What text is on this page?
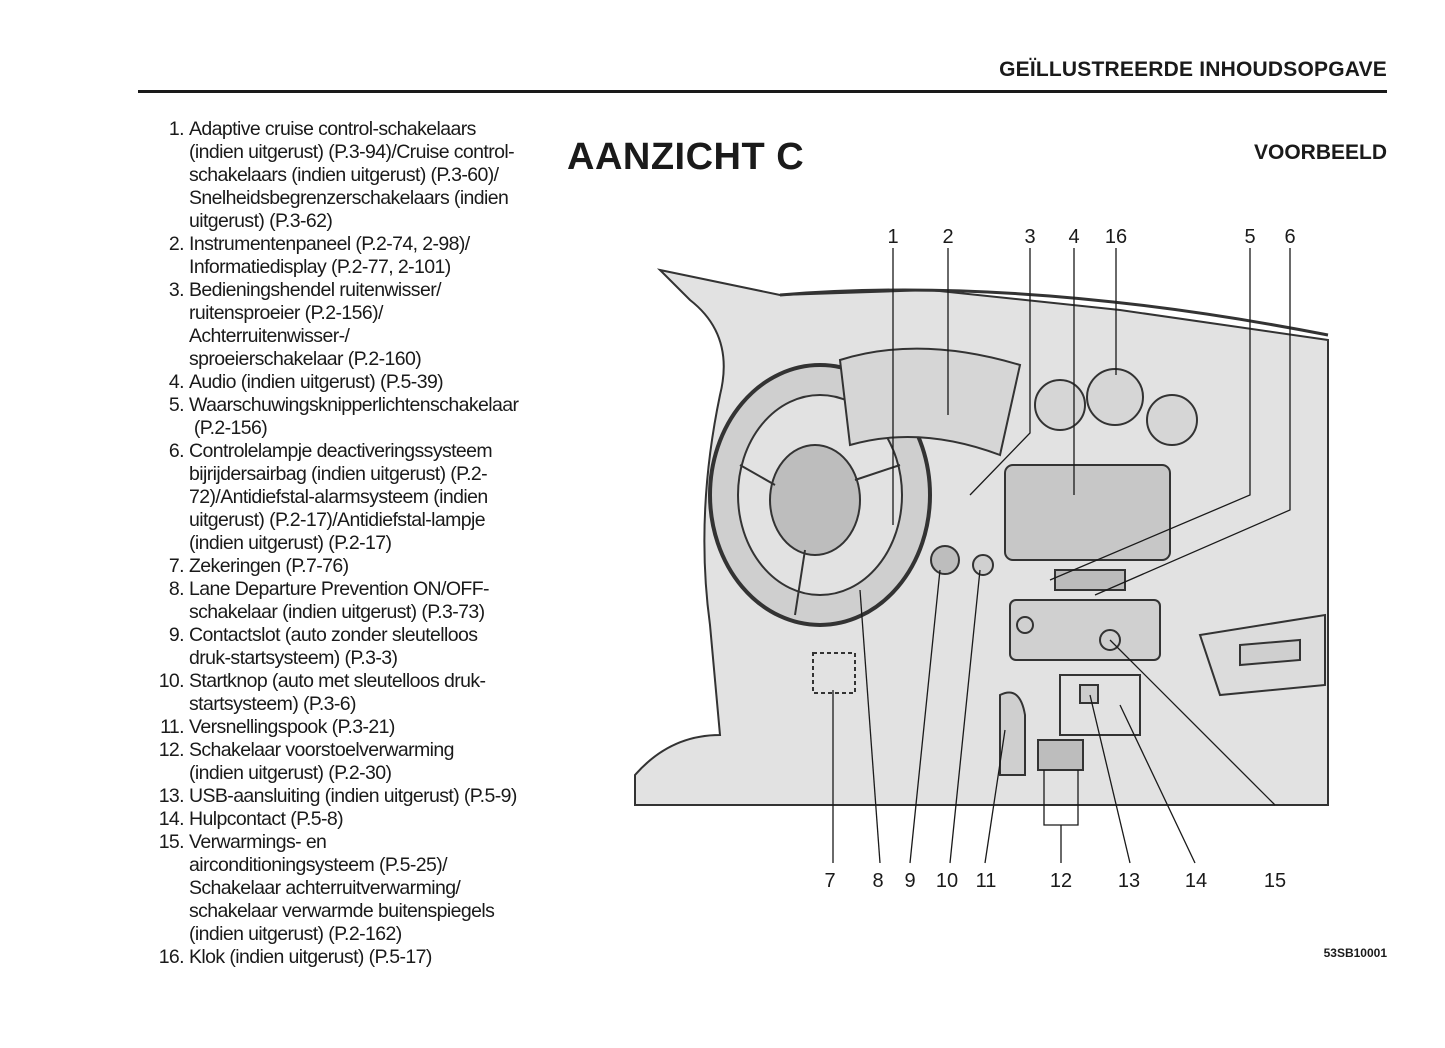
GEÏLLUSTREERDE INHOUDSOPGAVE
1. Adaptive cruise control-schakelaars
(indien uitgerust) (P.3-94)/Cruise control-
schakelaars (indien uitgerust) (P.3-60)/
Snelheidsbegrenzerschakelaars (indien
uitgerust) (P.3-62)
2. Instrumentenpaneel (P.2-74, 2-98)/
Informatiedisplay (P.2-77, 2-101)
3. Bedieningshendel ruitenwisser/
ruitensproeier (P.2-156)/
Achterruitenwisser-/
sproeierschakelaar (P.2-160)
4. Audio (indien uitgerust) (P.5-39)
5. Waarschuwingsknipperlichtenschakelaar
(P.2-156)
6. Controlelampje deactiveringssysteem
bijrijdersairbag (indien uitgerust) (P.2-
72)/Antidiefstal-alarmsysteem (indien
uitgerust) (P.2-17)/Antidiefstal-lampje
(indien uitgerust) (P.2-17)
7. Zekeringen (P.7-76)
8. Lane Departure Prevention ON/OFF-
schakelaar (indien uitgerust) (P.3-73)
9. Contactslot (auto zonder sleutelloos
druk-startsysteem) (P.3-3)
10. Startknop (auto met sleutelloos druk-
startsysteem) (P.3-6)
11. Versnellingspook (P.3-21)
12. Schakelaar voorstoelverwarming
(indien uitgerust) (P.2-30)
13. USB-aansluiting (indien uitgerust) (P.5-9)
14. Hulpcontact (P.5-8)
15. Verwarmings- en
airconditioningsysteem (P.5-25)/
Schakelaar achterruitverwarming/
schakelaar verwarmde buitenspiegels
(indien uitgerust) (P.2-162)
16. Klok (indien uitgerust) (P.5-17)
AANZICHT C	VOORBEELD
1 2	3 4 16	5 6
7 8 9 10 11	12 13 14	15
53SB10001
